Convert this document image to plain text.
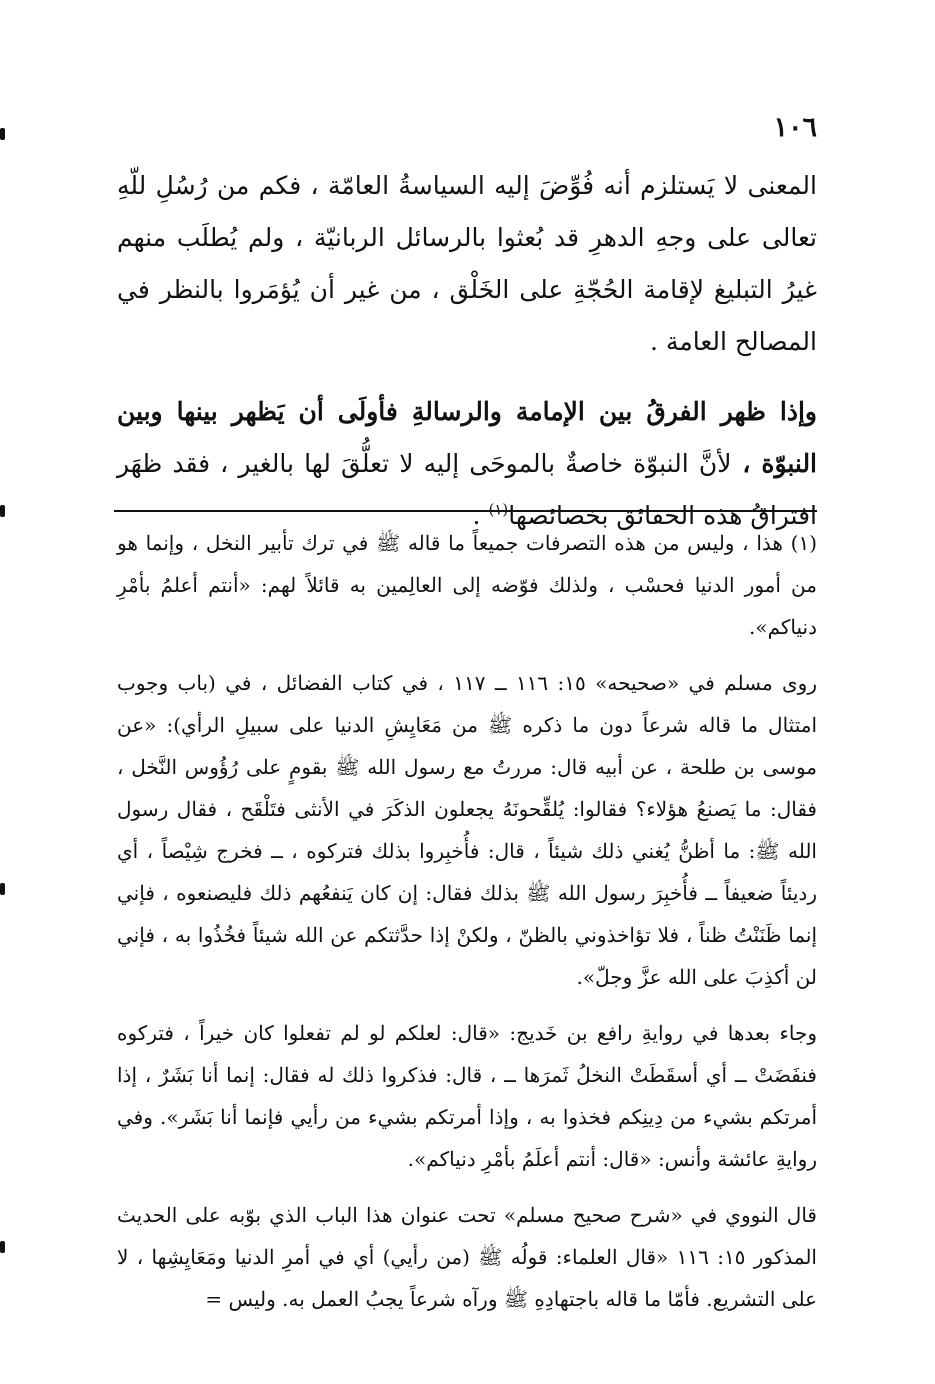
١٠٦

المعنى لا يَستلزم أنه فُوِّضَ إليه السياسةُ العامّة ، فكم من رُسُلِ للّهِ تعالى على وجهِ الدهرِ قد بُعثوا بالرسائل الربانيّة ، ولم يُطلَب منهم غيرُ التبليغ لإقامة الحُجّةِ على الخَلْق ، من غير أن يُؤمَروا بالنظر في المصالح العامة .

وإذا ظهر الفرقُ بين الإمامة والرسالةِ فأولَى أن يَظهر بينها وبين النبوّة ، لأنَّ النبوّة خاصةٌ بالموحَى إليه لا تعلُّقَ لها بالغير ، فقد ظهَر افتراقُ هذه الحقائق بخصائصها$^{(١)}$ .

(١) هذا ، وليس من هذه التصرفات جميعاً ما قاله ﷺ في ترك تأبير النخل ، وإنما هو من أمور الدنيا فحسْب ، ولذلك فوّضه إلى العالِمين به قائلاً لهم: «أنتم أعلمُ بأمْرِ دنياكم».

روى مسلم في «صحيحه» ١٥: ١١٦ ــ ١١٧ ، في كتاب الفضائل ، في (باب وجوب امتثال ما قاله شرعاً دون ما ذكره ﷺ من مَعَايِشِ الدنيا على سبيلِ الرأي): «عن موسى بن طلحة ، عن أبيه قال: مررتُ مع رسول الله ﷺ بقومٍ على رُؤُوس النَّخل ، فقال: ما يَصنعُ هؤلاء؟ فقالوا: يُلقِّحونَهُ يجعلون الذكَرَ في الأنثى فتَلْقَح ، فقال رسول الله ﷺ: ما أظنُّ يُغني ذلك شيئاً ، قال: فأُخبِروا بذلك فتركوه ، ــ فخرج شِيْصاً ، أي رديئاً ضعيفاً ــ فأُخبِرَ رسول الله ﷺ بذلك فقال: إن كان يَنفعُهم ذلك فليصنعوه ، فإني إنما ظَنَنْتُ ظناً ، فلا تؤاخذوني بالظنّ ، ولكنْ إذا حدَّثتكم عن الله شيئاً فخُذُوا به ، فإني لن أكذِبَ على الله عزَّ وجلّ».

وجاء بعدها في روايةِ رافع بن خَديج: «قال: لعلكم لو لم تفعلوا كان خيراً ، فتركوه فنفَضَتْ ــ أي أسقَطَتْ النخلُ ثَمرَها ــ ، قال: فذكروا ذلك له فقال: إنما أنا بَشَرٌ ، إذا أمرتكم بشيء من دِينِكم فخذوا به ، وإذا أمرتكم بشيء من رأيي فإنما أنا بَشَر». وفي روايةِ عائشة وأنس: «قال: أنتم أعلَمُ بأمْرِ دنياكم».

قال النووي في «شرح صحيح مسلم» تحت عنوان هذا الباب الذي بوّبه على الحديث المذكور ١٥: ١١٦ «قال العلماء: قولُه ﷺ (من رأيي) أي في أمرِ الدنيا ومَعَايِشِها ، لا على التشريع. فأمّا ما قاله باجتهادِهِ ﷺ ورآه شرعاً يجبُ العمل به. وليس =
